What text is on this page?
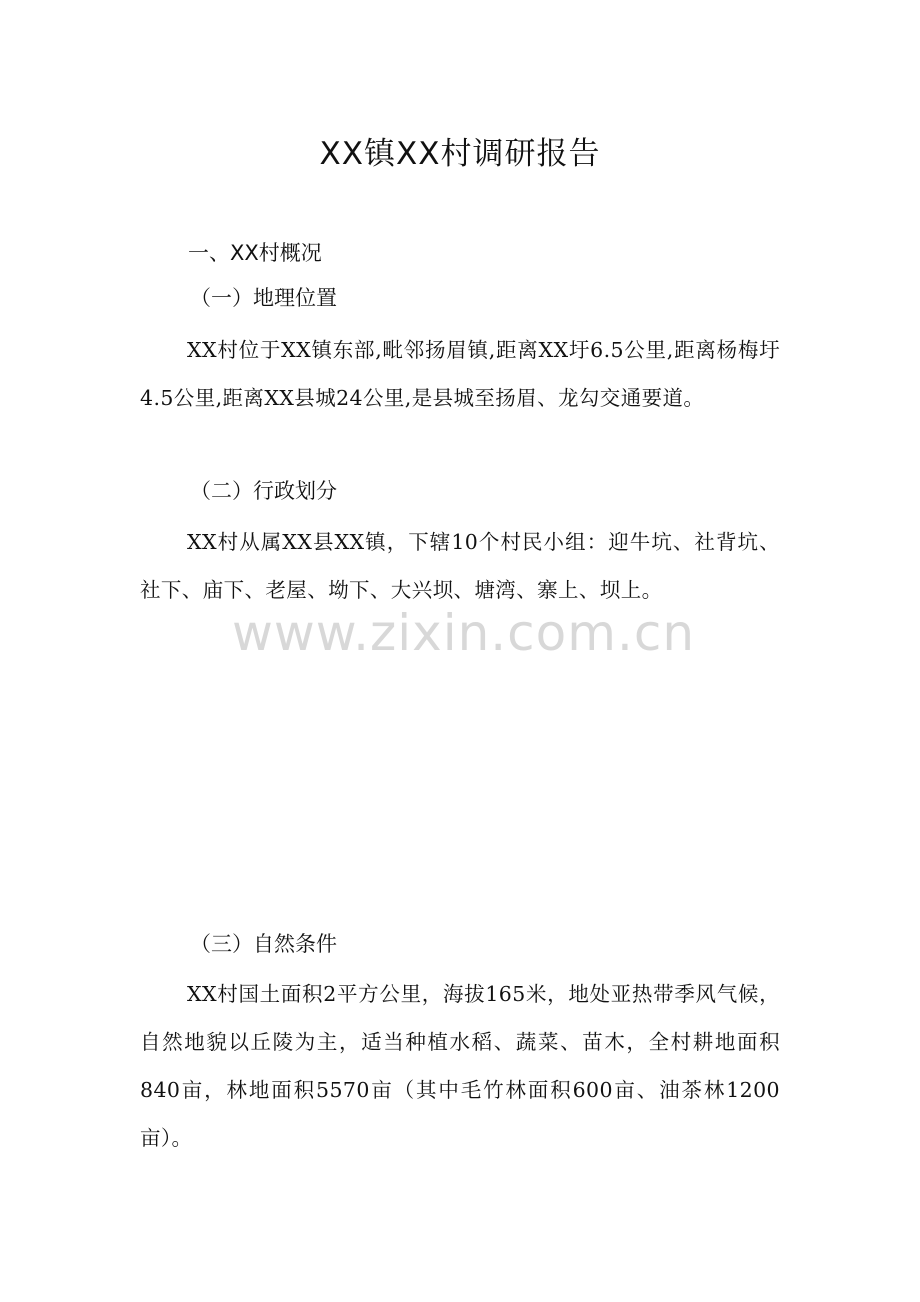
XX镇XX村调研报告
一、XX村概况
（一）地理位置
XX村位于XX镇东部,毗邻扬眉镇,距离XX圩6.5公里,距离杨梅圩4.5公里,距离XX县城24公里,是县城至扬眉、龙勾交通要道。
（二）行政划分
XX村从属XX县XX镇，下辖10个村民小组：迎牛坑、社背坑、社下、庙下、老屋、坳下、大兴坝、塘湾、寨上、坝上。
www.zixin.com.cn
（三）自然条件
XX村国土面积2平方公里，海拔165米，地处亚热带季风气候，自然地貌以丘陵为主，适当种植水稻、蔬菜、苗木，全村耕地面积840亩，林地面积5570亩（其中毛竹林面积600亩、油茶林1200亩）。
